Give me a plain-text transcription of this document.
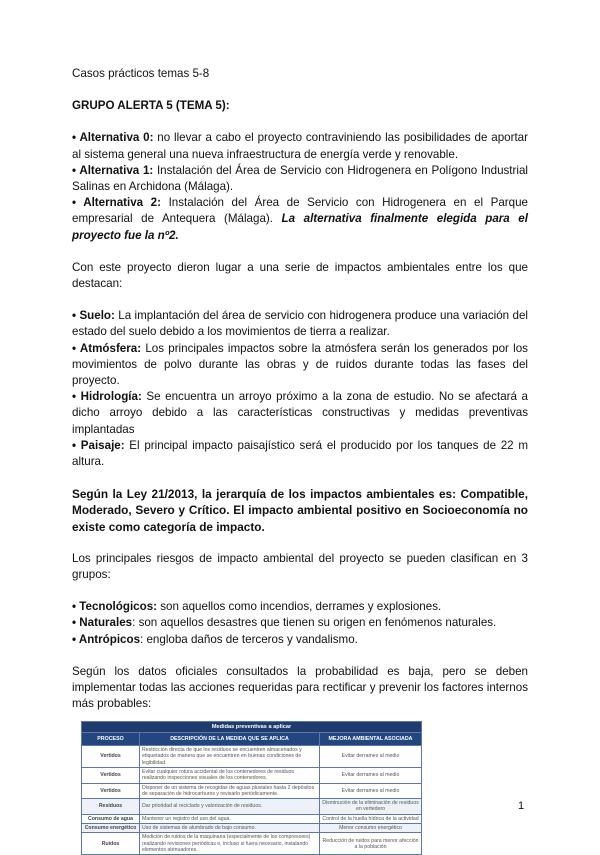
Casos prácticos temas 5-8

GRUPO ALERTA 5 (TEMA 5):

• Alternativa 0: no llevar a cabo el proyecto contraviniendo las posibilidades de aportar al sistema general una nueva infraestructura de energía verde y renovable.

• Alternativa 1: Instalación del Área de Servicio con Hidrogenera en Polígono Industrial Salinas en Archidona (Málaga).

• Alternativa 2: Instalación del Área de Servicio con Hidrogenera en el Parque empresarial de Antequera (Málaga). La alternativa finalmente elegida para el proyecto fue la nº2.

Con este proyecto dieron lugar a una serie de impactos ambientales entre los que destacan:

• Suelo: La implantación del área de servicio con hidrogenera produce una variación del estado del suelo debido a los movimientos de tierra a realizar.

• Atmósfera: Los principales impactos sobre la atmósfera serán los generados por los movimientos de polvo durante las obras y de ruidos durante todas las fases del proyecto.

• Hidrología: Se encuentra un arroyo próximo a la zona de estudio. No se afectará a dicho arroyo debido a las características constructivas y medidas preventivas implantadas

• Paisaje: El principal impacto paisajístico será el producido por los tanques de 22 m altura.

Según la Ley 21/2013, la jerarquía de los impactos ambientales es: Compatible, Moderado, Severo y Crítico. El impacto ambiental positivo en Socioeconomía no existe como categoría de impacto.

Los principales riesgos de impacto ambiental del proyecto se pueden clasifican en 3 grupos:

• Tecnológicos: son aquellos como incendios, derrames y explosiones.

• Naturales: son aquellos desastres que tienen su origen en fenómenos naturales.

• Antrópicos: engloba daños de terceros y vandalismo.

Según los datos oficiales consultados la probabilidad es baja, pero se deben implementar todas las acciones requeridas para rectificar y prevenir los factores internos más probables:

Medidas preventivas a aplicar		
PROCESO	DESCRIPCIÓN DE LA MEDIDA QUE SE APLICA	MEJORA AMBIENTAL ASOCIADA
Vertidos	Restricción directa de que los residuos se encuentren almacenados y etiquetados de manera que se encuentren en buenas condiciones de legibilidad.	Evitar derrames al medio
Vertidos	Evitar cualquier rotura accidental de los contenedores de residuos realizando inspecciones visuales de los contenedores.	Evitar derrames al medio
Vertidos	Disponer de un sistema de recogidas de aguas pluviales hasta 2 depósitos de separación de hidrocarburos y revisarlo periódicamente.	Evitar derrames al medio
Residuos	Dar prioridad al reciclado y valorización de residuos.	Disminución de la eliminación de residuos en vertedero
Consumo de agua	Mantener un registro del uso del agua.	Control de la huella hídrica de la actividad
Consumo energético	Uso de sistemas de alumbrado de bajo consumo.	Menor consumo energético
Ruidos	Medición de ruidos de la maquinaria (especialmente de los compresores) realizando revisiones periódicas e, incluso si fuera necesario, instalando elementos atenuadores.	Reducción de ruidos para menor afección a la población
1
